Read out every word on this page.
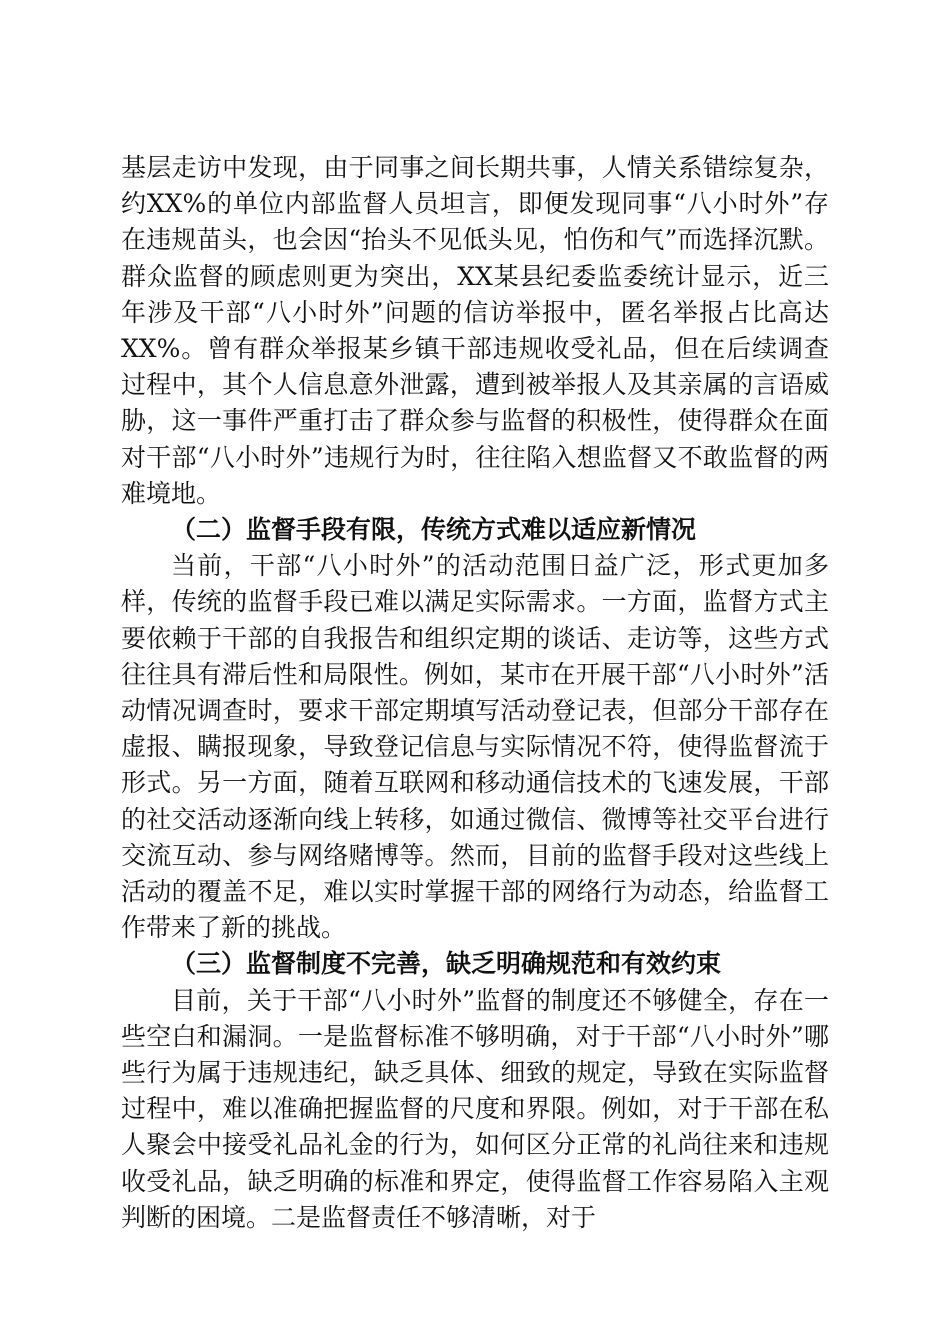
基层走访中发现，由于同事之间长期共事，人情关系错综复杂，约XX%的单位内部监督人员坦言，即便发现同事“八小时外”存在违规苗头，也会因“抬头不见低头见，怕伤和气”而选择沉默。群众监督的顾虑则更为突出，XX某县纪委监委统计显示，近三年涉及干部“八小时外”问题的信访举报中，匿名举报占比高达XX%。曾有群众举报某乡镇干部违规收受礼品，但在后续调查过程中，其个人信息意外泄露，遭到被举报人及其亲属的言语威胁，这一事件严重打击了群众参与监督的积极性，使得群众在面对干部“八小时外”违规行为时，往往陷入想监督又不敢监督的两难境地。

（二）监督手段有限，传统方式难以适应新情况

当前，干部“八小时外”的活动范围日益广泛，形式更加多样，传统的监督手段已难以满足实际需求。一方面，监督方式主要依赖于干部的自我报告和组织定期的谈话、走访等，这些方式往往具有滞后性和局限性。例如，某市在开展干部“八小时外”活动情况调查时，要求干部定期填写活动登记表，但部分干部存在虚报、瞒报现象，导致登记信息与实际情况不符，使得监督流于形式。另一方面，随着互联网和移动通信技术的飞速发展，干部的社交活动逐渐向线上转移，如通过微信、微博等社交平台进行交流互动、参与网络赌博等。然而，目前的监督手段对这些线上活动的覆盖不足，难以实时掌握干部的网络行为动态，给监督工作带来了新的挑战。

（三）监督制度不完善，缺乏明确规范和有效约束

目前，关于干部“八小时外”监督的制度还不够健全，存在一些空白和漏洞。一是监督标准不够明确，对于干部“八小时外”哪些行为属于违规违纪，缺乏具体、细致的规定，导致在实际监督过程中，难以准确把握监督的尺度和界限。例如，对于干部在私人聚会中接受礼品礼金的行为，如何区分正常的礼尚往来和违规收受礼品，缺乏明确的标准和界定，使得监督工作容易陷入主观判断的困境。二是监督责任不够清晰，对于
